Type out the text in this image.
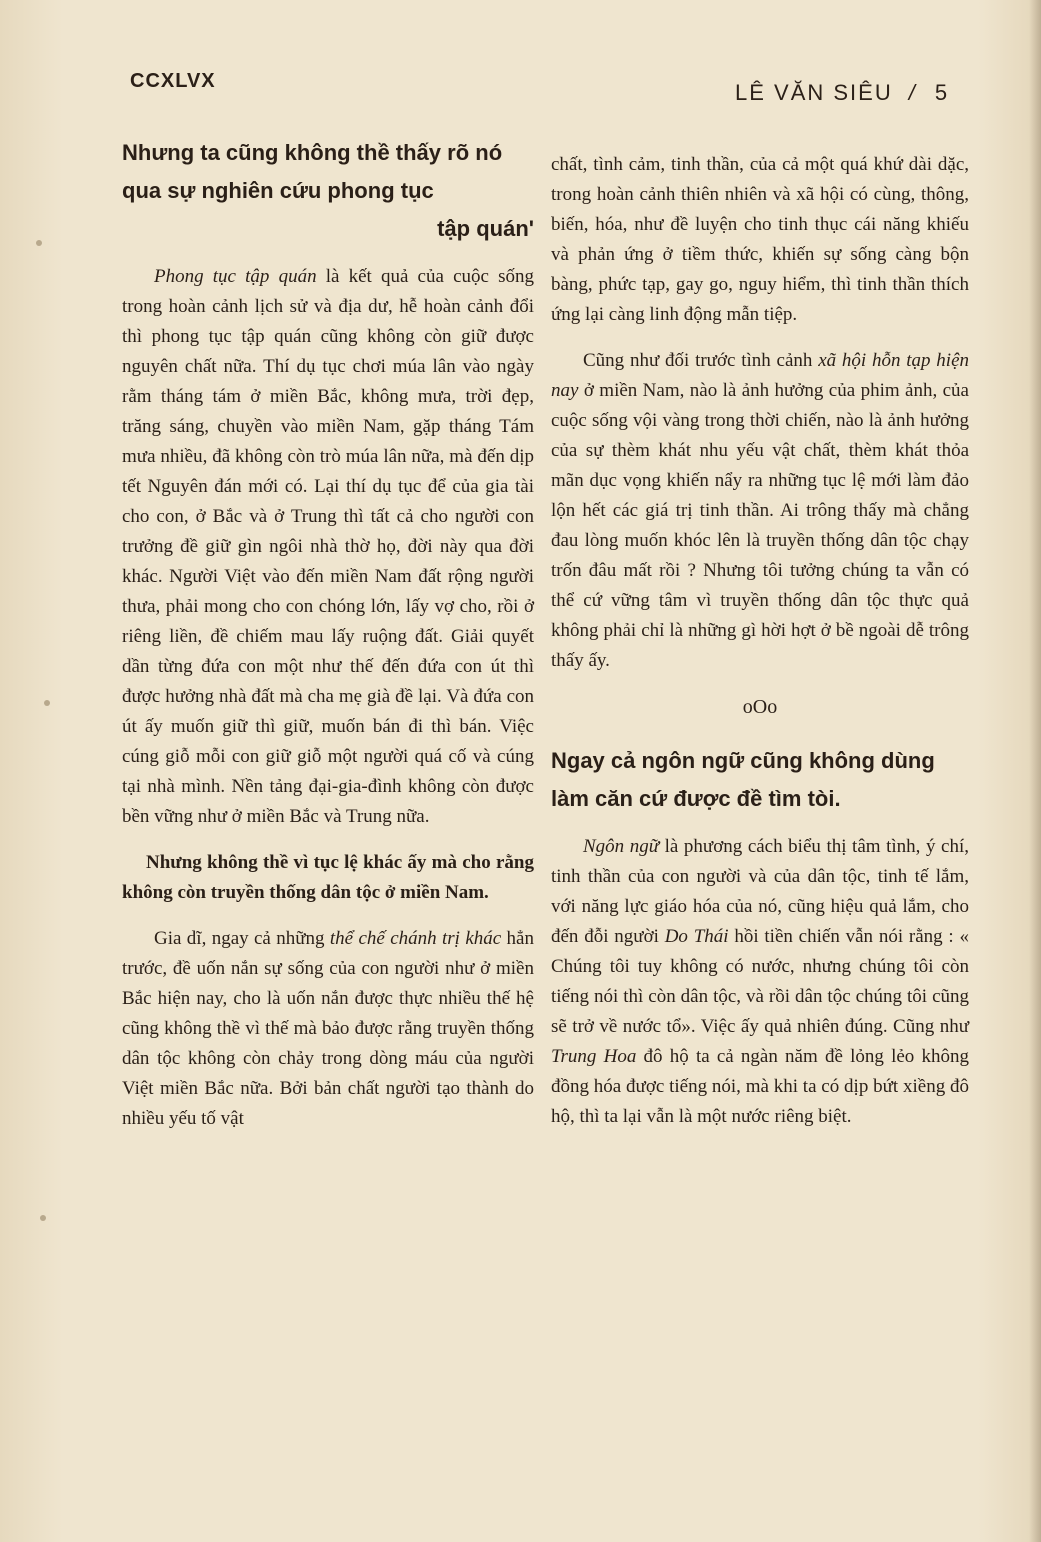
CCXLVX	LÊ VĂN SIÊU / 5
Nhưng ta cũng không thề thấy rõ nó qua sự nghiên cứu phong tục
tập quán'

Phong tục tập quán là kết quả của cuộc sống trong hoàn cảnh lịch sử và địa dư, hễ hoàn cảnh đổi thì phong tục tập quán cũng không còn giữ được nguyên chất nữa. Thí dụ tục chơi múa lân vào ngày rằm tháng tám ở miền Bắc, không mưa, trời đẹp, trăng sáng, chuyền vào miền Nam, gặp tháng Tám mưa nhiều, đã không còn trò múa lân nữa, mà đến dịp tết Nguyên đán mới có. Lại thí dụ tục để của gia tài cho con, ở Bắc và ở Trung thì tất cả cho người con trưởng đề giữ gìn ngôi nhà thờ họ, đời này qua đời khác. Người Việt vào đến miền Nam đất rộng người thưa, phải mong cho con chóng lớn, lấy vợ cho, rồi ở riêng liền, đề chiếm mau lấy ruộng đất. Giải quyết dần từng đứa con một như thế đến đứa con út thì được hưởng nhà đất mà cha mẹ già đề lại. Và đứa con út ấy muốn giữ thì giữ, muốn bán đi thì bán. Việc cúng giỗ mỗi con giữ giỗ một người quá cố và cúng tại nhà mình. Nền tảng đại-gia-đình không còn được bền vững như ở miền Bắc và Trung nữa.

Nhưng không thề vì tục lệ khác ấy mà cho rằng không còn truyền thống dân tộc ở miền Nam.

Gia dĩ, ngay cả những thể chế chánh trị khác hẳn trước, đề uốn nắn sự sống của con người như ở miền Bắc hiện nay, cho là uốn nắn được thực nhiều thế hệ cũng không thề vì thế mà bảo được rằng truyền thống dân tộc không còn chảy trong dòng máu của người Việt miền Bắc nữa. Bởi bản chất người tạo thành do nhiều yếu tố vật

chất, tình cảm, tinh thần, của cả một quá khứ dài dặc, trong hoàn cảnh thiên nhiên và xã hội có cùng, thông, biến, hóa, như đề luyện cho tinh thục cái năng khiếu và phản ứng ở tiềm thức, khiến sự sống càng bộn bàng, phức tạp, gay go, nguy hiểm, thì tinh thần thích ứng lại càng linh động mẫn tiệp.

Cũng như đối trước tình cảnh xã hội hỗn tạp hiện nay ở miền Nam, nào là ảnh hưởng của phim ảnh, của cuộc sống vội vàng trong thời chiến, nào là ảnh hưởng của sự thèm khát nhu yếu vật chất, thèm khát thỏa mãn dục vọng khiến nẩy ra những tục lệ mới làm đảo lộn hết các giá trị tinh thần. Ai trông thấy mà chẳng đau lòng muốn khóc lên là truyền thống dân tộc chạy trốn đâu mất rồi ? Nhưng tôi tưởng chúng ta vẫn có thể cứ vững tâm vì truyền thống dân tộc thực quả không phải chỉ là những gì hời hợt ở bề ngoài dễ trông thấy ấy.

oOo
Ngay cả ngôn ngữ cũng không dùng làm căn cứ được đề tìm tòi.

Ngôn ngữ là phương cách biểu thị tâm tình, ý chí, tinh thần của con người và của dân tộc, tinh tế lắm, với năng lực giáo hóa của nó, cũng hiệu quả lắm, cho đến đỗi người Do Thái hồi tiền chiến vẫn nói rằng : « Chúng tôi tuy không có nước, nhưng chúng tôi còn tiếng nói thì còn dân tộc, và rồi dân tộc chúng tôi cũng sẽ trở về nước tổ». Việc ấy quả nhiên đúng. Cũng như Trung Hoa đô hộ ta cả ngàn năm đề lỏng lẻo không đồng hóa được tiếng nói, mà khi ta có dịp bứt xiềng đô hộ, thì ta lại vẫn là một nước riêng biệt.
